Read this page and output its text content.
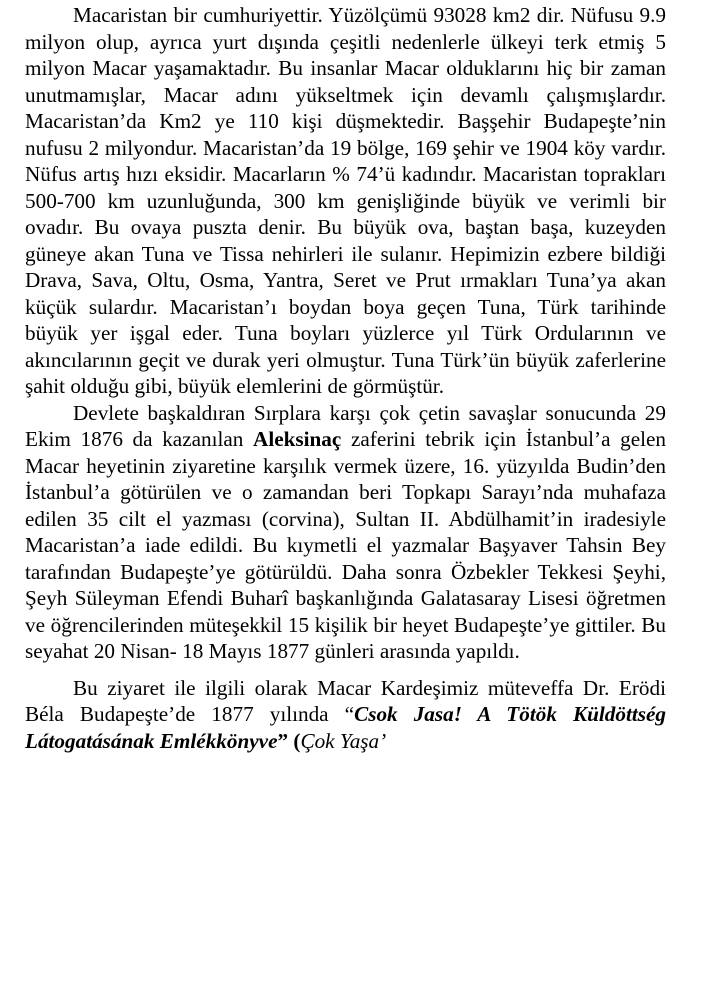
Macaristan bir cumhuriyettir. Yüzölçümü 93028 km2 dir. Nüfusu 9.9 milyon olup, ayrıca yurt dışında çeşitli nedenlerle ülkeyi terk etmiş 5 milyon Macar yaşamaktadır. Bu insanlar Macar olduklarını hiç bir zaman unutmamışlar, Macar adını yükseltmek için devamlı çalışmışlardır. Macaristan’da Km2 ye 110 kişi düşmektedir. Başşehir Budapeşte’nin nufusu 2 milyondur. Macaristan’da 19 bölge, 169 şehir ve 1904 köy vardır. Nüfus artış hızı eksidir. Macarların % 74’ü kadındır. Macaristan toprakları 500-700 km uzunluğunda, 300 km genişliğinde büyük ve verimli bir ovadır. Bu ovaya puszta denir. Bu büyük ova, baştan başa, kuzeyden güneye akan Tuna ve Tissa nehirleri ile sulanır. Hepimizin ezbere bildiği Drava, Sava, Oltu, Osma, Yantra, Seret ve Prut ırmakları Tuna’ya akan küçük sulardır. Macaristan’ı boydan boya geçen Tuna, Türk tarihinde büyük yer işgal eder. Tuna boyları yüzlerce yıl Türk Ordularının ve akıncılarının geçit ve durak yeri olmuştur. Tuna Türk’ün büyük zaferlerine şahit olduğu gibi, büyük elemlerini de görmüştür.

Devlete başkaldıran Sırplara karşı çok çetin savaşlar sonucunda 29 Ekim 1876 da kazanılan Aleksinaç zaferini tebrik için İstanbul’a gelen Macar heyetinin ziyaretine karşılık vermek üzere, 16. yüzyılda Budin’den İstanbul’a götürülen ve o zamandan beri Topkapı Sarayı’nda muhafaza edilen 35 cilt el yazması (corvina), Sultan II. Abdülhamit’in iradesiyle Macaristan’a iade edildi. Bu kıymetli el yazmalar Başyaver Tahsin Bey tarafından Budapeşte’ye götürüldü. Daha sonra Özbekler Tekkesi Şeyhi, Şeyh Süleyman Efendi Buharî başkanlığında Galatasaray Lisesi öğretmen ve öğrencilerinden müteşekkil 15 kişilik bir heyet Budapeşte’ye gittiler. Bu seyahat 20 Nisan- 18 Mayıs 1877 günleri arasında yapıldı.

Bu ziyaret ile ilgili olarak Macar Kardeşimiz müteveffa Dr. Erödi Béla Budapeşte’de 1877 yılında “Csok Jasa! A Tötök Küldöttség Látogatásának Emlékkönyve” (Çok Yaşa’
